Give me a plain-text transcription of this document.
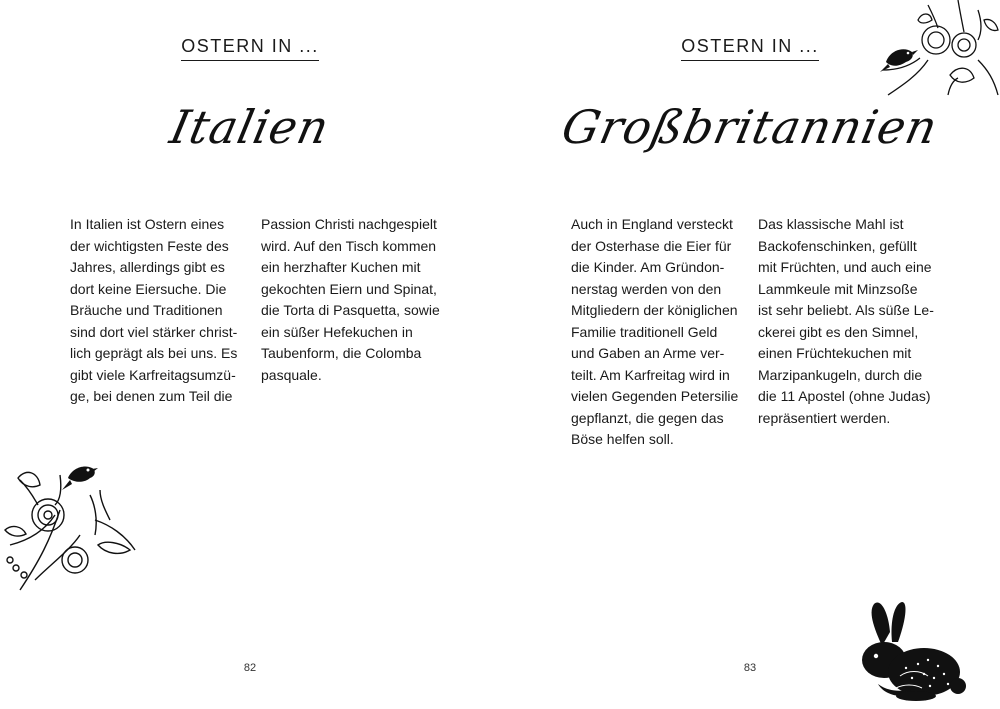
OSTERN IN ...
Italien
In Italien ist Ostern eines
der wichtigsten Feste des
Jahres, allerdings gibt es
dort keine Eiersuche. Die
Bräuche und Traditionen
sind dort viel stärker christ-
lich geprägt als bei uns. Es
gibt viele Karfreitagsumzü-
ge, bei denen zum Teil die
Passion Christi nachgespielt
wird. Auf den Tisch kommen
ein herzhafter Kuchen mit
gekochten Eiern und Spinat,
die Torta di Pasquetta, sowie
ein süßer Hefekuchen in
Taubenform, die Colomba
pasquale.
82
OSTERN IN ...
Großbritannien
Auch in England versteckt
der Osterhase die Eier für
die Kinder. Am Gründon-
nerstag werden von den
Mitgliedern der königlichen
Familie traditionell Geld
und Gaben an Arme ver-
teilt. Am Karfreitag wird in
vielen Gegenden Petersilie
gepflanzt, die gegen das
Böse helfen soll.
Das klassische Mahl ist
Backofenschinken, gefüllt
mit Früchten, und auch eine
Lammkeule mit Minzsoße
ist sehr beliebt. Als süße Le-
ckerei gibt es den Simnel,
einen Früchtekuchen mit
Marzipankugeln, durch die
die 11 Apostel (ohne Judas)
repräsentiert werden.
83
